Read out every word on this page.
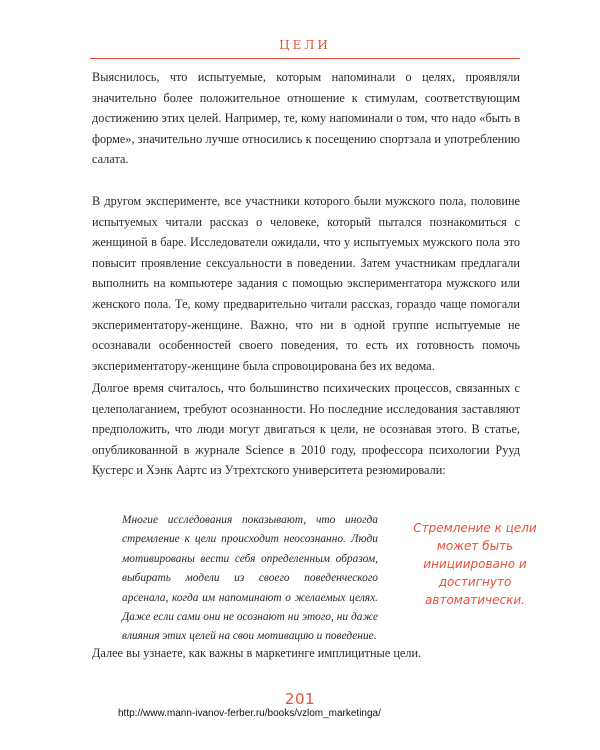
ЦЕЛИ

Выяснилось, что испытуемые, которым напоминали о целях, проявляли значительно более положительное отношение к стимулам, соответствующим достижению этих целей. Например, те, кому напоминали о том, что надо «быть в форме», значительно лучше относились к посещению спортзала и употреблению салата.

В другом эксперименте, все участники которого были мужского пола, половине испытуемых читали рассказ о человеке, который пытался познакомиться с женщиной в баре. Исследователи ожидали, что у испытуемых мужского пола это повысит проявление сексуальности в поведении. Затем участникам предлагали выполнить на компьютере задания с помощью экспериментатора мужского или женского пола. Те, кому предварительно читали рассказ, гораздо чаще помогали экспериментатору-женщине. Важно, что ни в одной группе испытуемые не осознавали особенностей своего поведения, то есть их готовность помочь экспериментатору-женщине была спровоцирована без их ведома.

Долгое время считалось, что большинство психических процессов, связанных с целеполаганием, требуют осознанности. Но последние исследования заставляют предположить, что люди могут двигаться к цели, не осознавая этого. В статье, опубликованной в журнале Science в 2010 году, профессора психологии Рууд Кустерс и Хэнк Аартс из Утрехтского университета резюмировали:

Многие исследования показывают, что иногда стремление к цели происходит неосознанно. Люди мотивированы вести себя определенным образом, выбирать модели из своего поведенческого арсенала, когда им напоминают о желаемых целях. Даже если сами они не осознают ни этого, ни даже влияния этих целей на свои мотивацию и поведение.

Стремление к цели может быть инициировано и достигнуто автоматически.

Далее вы узнаете, как важны в маркетинге имплицитные цели.

201
http://www.mann-ivanov-ferber.ru/books/vzlom_marketinga/
